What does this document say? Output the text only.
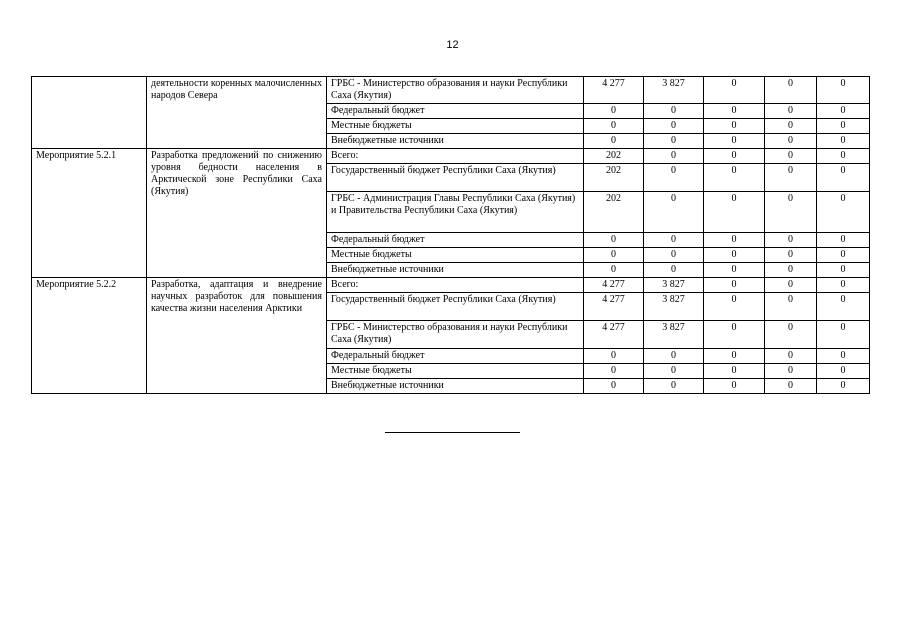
12
	деятельности коренных малочисленных народов Севера	ГРБС - Министерство образования и науки Республики Саха (Якутия)	4 277	3 827	0	0	0
		Федеральный бюджет	0	0	0	0	0
		Местные бюджеты	0	0	0	0	0
		Внебюджетные источники	0	0	0	0	0
Мероприятие 5.2.1	Разработка предложений по снижению уровня бедности населения в Арктической зоне Республики Саха (Якутия)	Всего:	202	0	0	0	0
		Государственный бюджет Республики Саха (Якутия)	202	0	0	0	0
		ГРБС - Администрация Главы Республики Саха (Якутия) и Правительства Республики Саха (Якутия)	202	0	0	0	0
		Федеральный бюджет	0	0	0	0	0
		Местные бюджеты	0	0	0	0	0
		Внебюджетные источники	0	0	0	0	0
Мероприятие 5.2.2	Разработка, адаптация и внедрение научных разработок для повышения качества жизни населения Арктики	Всего:	4 277	3 827	0	0	0
		Государственный бюджет Республики Саха (Якутия)	4 277	3 827	0	0	0
		ГРБС - Министерство образования и науки Республики Саха (Якутия)	4 277	3 827	0	0	0
		Федеральный бюджет	0	0	0	0	0
		Местные бюджеты	0	0	0	0	0
		Внебюджетные источники	0	0	0	0	0
